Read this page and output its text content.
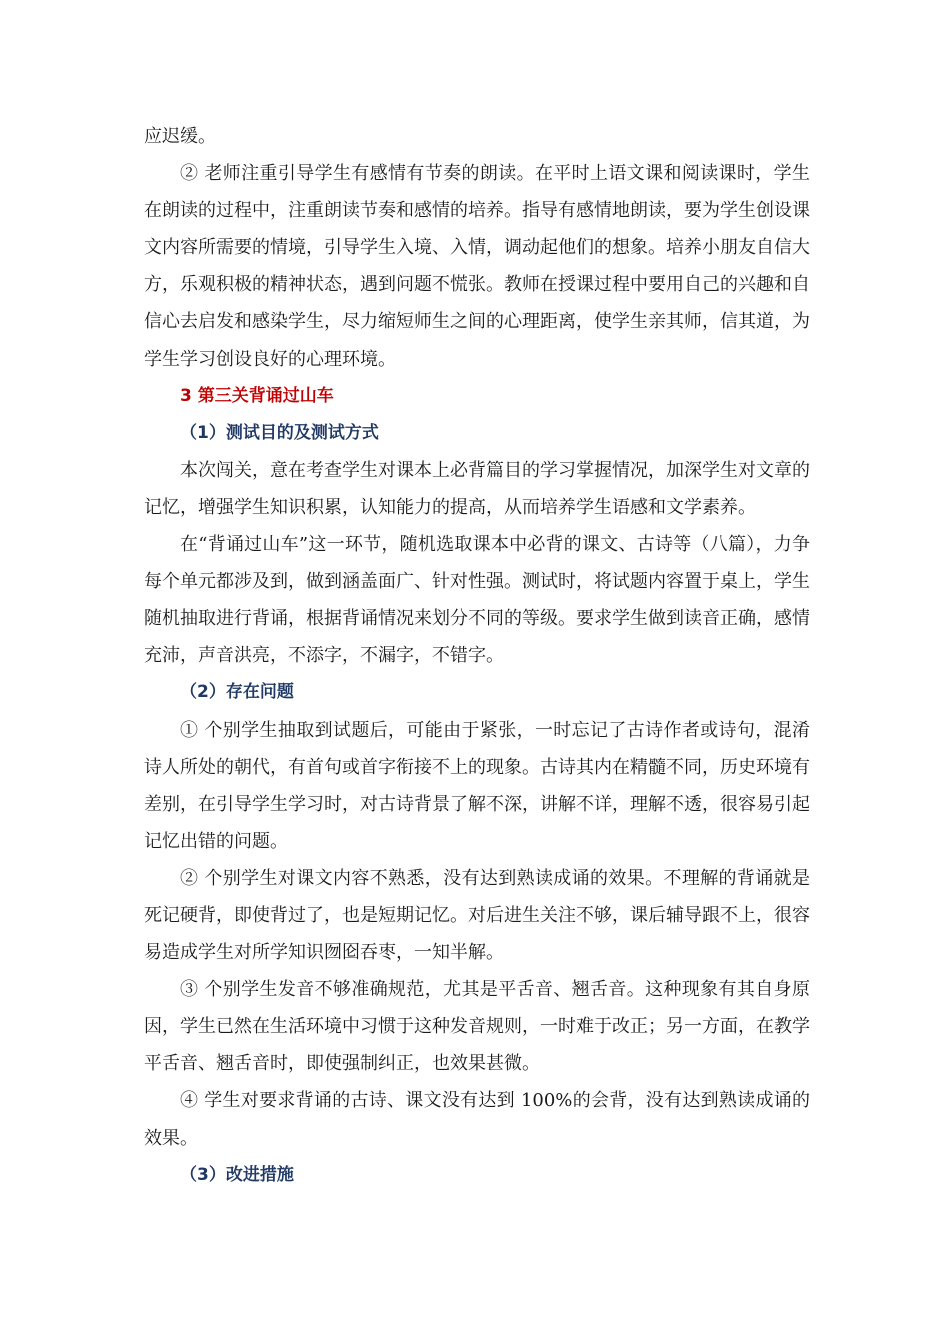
应迟缓。

② 老师注重引导学生有感情有节奏的朗读。在平时上语文课和阅读课时，学生在朗读的过程中，注重朗读节奏和感情的培养。指导有感情地朗读，要为学生创设课文内容所需要的情境，引导学生入境、入情，调动起他们的想象。培养小朋友自信大方，乐观积极的精神状态，遇到问题不慌张。教师在授课过程中要用自己的兴趣和自信心去启发和感染学生，尽力缩短师生之间的心理距离，使学生亲其师，信其道，为学生学习创设良好的心理环境。

3 第三关背诵过山车

（1）测试目的及测试方式

本次闯关，意在考查学生对课本上必背篇目的学习掌握情况，加深学生对文章的记忆，增强学生知识积累，认知能力的提高，从而培养学生语感和文学素养。

在“背诵过山车”这一环节，随机选取课本中必背的课文、古诗等（八篇），力争每个单元都涉及到，做到涵盖面广、针对性强。测试时，将试题内容置于桌上，学生随机抽取进行背诵，根据背诵情况来划分不同的等级。要求学生做到读音正确，感情充沛，声音洪亮，不添字，不漏字，不错字。

（2）存在问题

① 个别学生抽取到试题后，可能由于紧张，一时忘记了古诗作者或诗句，混淆诗人所处的朝代，有首句或首字衔接不上的现象。古诗其内在精髓不同，历史环境有差别，在引导学生学习时，对古诗背景了解不深，讲解不详，理解不透，很容易引起记忆出错的问题。

② 个别学生对课文内容不熟悉，没有达到熟读成诵的效果。不理解的背诵就是死记硬背，即使背过了，也是短期记忆。对后进生关注不够，课后辅导跟不上，很容易造成学生对所学知识囫囵吞枣，一知半解。

③ 个别学生发音不够准确规范，尤其是平舌音、翘舌音。这种现象有其自身原因，学生已然在生活环境中习惯于这种发音规则，一时难于改正；另一方面，在教学平舌音、翘舌音时，即使强制纠正，也效果甚微。

④ 学生对要求背诵的古诗、课文没有达到 100%的会背，没有达到熟读成诵的效果。

（3）改进措施
